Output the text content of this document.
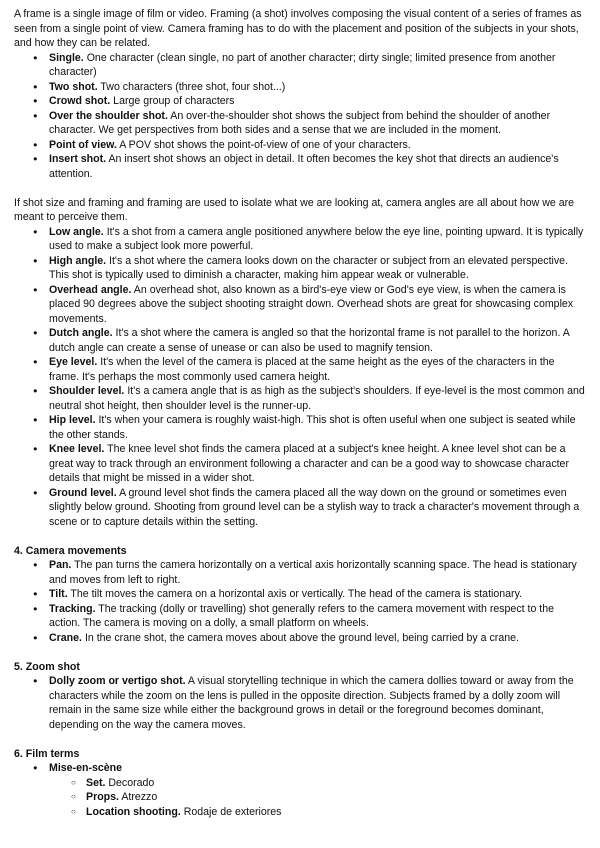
A frame is a single image of film or video. Framing (a shot) involves composing the visual content of a series of frames as seen from a single point of view. Camera framing has to do with the placement and position of the subjects in your shots, and how they can be related.

● Single. One character (clean single, no part of another character; dirty single; limited presence from another character)
● Two shot. Two characters (three shot, four shot...)
● Crowd shot. Large group of characters
● Over the shoulder shot. An over-the-shoulder shot shows the subject from behind the shoulder of another character. We get perspectives from both sides and a sense that we are included in the moment.
● Point of view. A POV shot shows the point-of-view of one of your characters.
● Insert shot. An insert shot shows an object in detail. It often becomes the key shot that directs an audience's attention.

If shot size and framing and framing are used to isolate what we are looking at, camera angles are all about how we are meant to perceive them.

● Low angle. It's a shot from a camera angle positioned anywhere below the eye line, pointing upward. It is typically used to make a subject look more powerful.
● High angle. It's a shot where the camera looks down on the character or subject from an elevated perspective. This shot is typically used to diminish a character, making him appear weak or vulnerable.
● Overhead angle. An overhead shot, also known as a bird's-eye view or God's eye view, is when the camera is placed 90 degrees above the subject shooting straight down. Overhead shots are great for showcasing complex movements.
● Dutch angle. It's a shot where the camera is angled so that the horizontal frame is not parallel to the horizon. A dutch angle can create a sense of unease or can also be used to magnify tension.
● Eye level. It's when the level of the camera is placed at the same height as the eyes of the characters in the frame. It's perhaps the most commonly used camera height.
● Shoulder level. It's a camera angle that is as high as the subject's shoulders. If eye-level is the most common and neutral shot height, then shoulder level is the runner-up.
● Hip level. It's when your camera is roughly waist-high. This shot is often useful when one subject is seated while the other stands.
● Knee level. The knee level shot finds the camera placed at a subject's knee height. A knee level shot can be a great way to track through an environment following a character and can be a good way to showcase character details that might be missed in a wider shot.
● Ground level. A ground level shot finds the camera placed all the way down on the ground or sometimes even slightly below ground. Shooting from ground level can be a stylish way to track a character's movement through a scene or to capture details within the setting.

4. Camera movements

● Pan. The pan turns the camera horizontally on a vertical axis horizontally scanning space. The head is stationary and moves from left to right.
● Tilt. The tilt moves the camera on a horizontal axis or vertically. The head of the camera is stationary.
● Tracking. The tracking (dolly or travelling) shot generally refers to the camera movement with respect to the action. The camera is moving on a dolly, a small platform on wheels.
● Crane. In the crane shot, the camera moves about above the ground level, being carried by a crane.

5. Zoom shot

● Dolly zoom or vertigo shot. A visual storytelling technique in which the camera dollies toward or away from the characters while the zoom on the lens is pulled in the opposite direction. Subjects framed by a dolly zoom will remain in the same size while either the background grows in detail or the foreground becomes dominant, depending on the way the camera moves.

6. Film terms

● Mise-en-scène
○ Set. Decorado
○ Props. Atrezzo
○ Location shooting. Rodaje de exteriores
